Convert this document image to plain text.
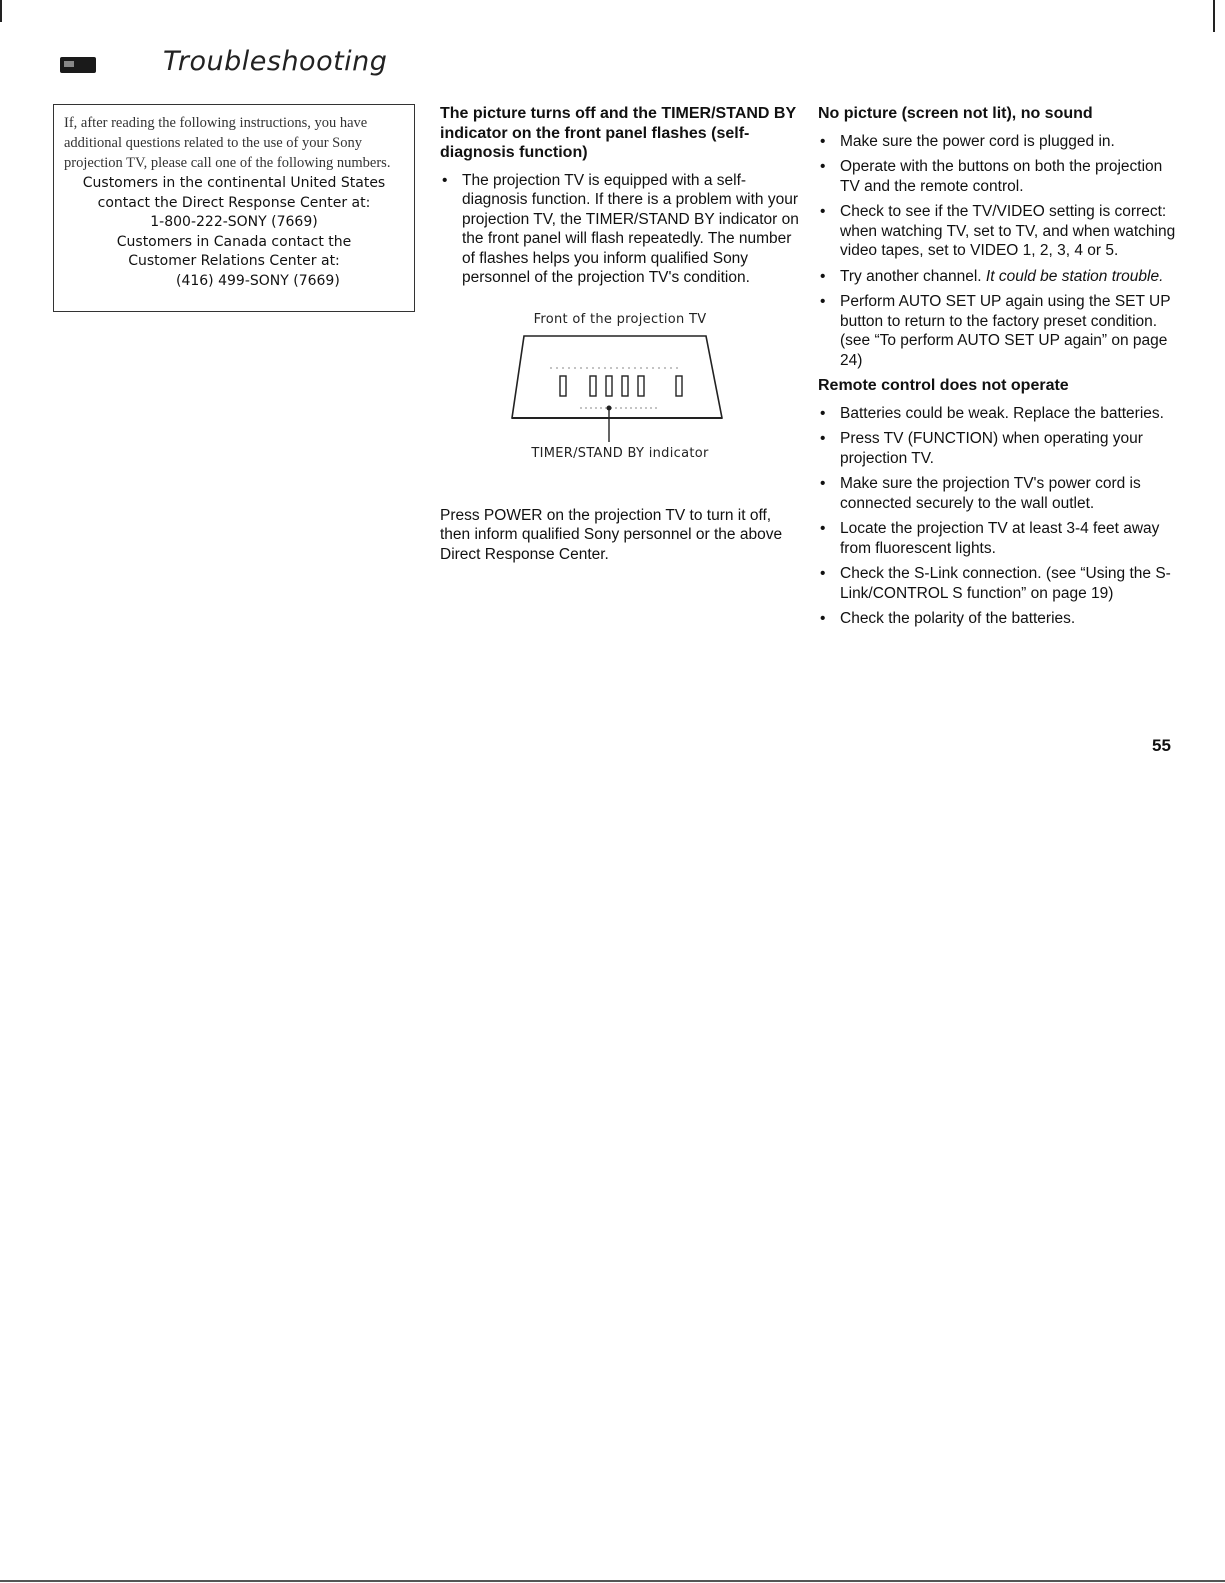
Troubleshooting

If, after reading the following instructions, you have additional questions related to the use of your Sony projection TV, please call one of the following numbers.

Customers in the continental United States
contact the Direct Response Center at:
1-800-222-SONY (7669)
Customers in Canada contact the
Customer Relations Center at:
(416) 499-SONY (7669)
The picture turns off and the TIMER/STAND BY indicator on the front panel flashes (self-diagnosis function)
• The projection TV is equipped with a self-diagnosis function. If there is a problem with your projection TV, the TIMER/STAND BY indicator on the front panel will flash repeatedly. The number of flashes helps you inform qualified Sony personnel of the projection TV's condition.
Front of the projection TV
TIMER/STAND BY indicator

Press POWER on the projection TV to turn it off, then inform qualified Sony personnel or the above Direct Response Center.

No picture (screen not lit), no sound
• Make sure the power cord is plugged in.
• Operate with the buttons on both the projection TV and the remote control.
• Check to see if the TV/VIDEO setting is correct: when watching TV, set to TV, and when watching video tapes, set to VIDEO 1, 2, 3, 4 or 5.
• Try another channel. It could be station trouble.
• Perform AUTO SET UP again using the SET UP button to return to the factory preset condition. (see “To perform AUTO SET UP again” on page 24)
Remote control does not operate
• Batteries could be weak. Replace the batteries.
• Press TV (FUNCTION) when operating your projection TV.
• Make sure the projection TV's power cord is connected securely to the wall outlet.
• Locate the projection TV at least 3-4 feet away from fluorescent lights.
• Check the S-Link connection. (see “Using the S-Link/CONTROL S function” on page 19)
• Check the polarity of the batteries.
55
